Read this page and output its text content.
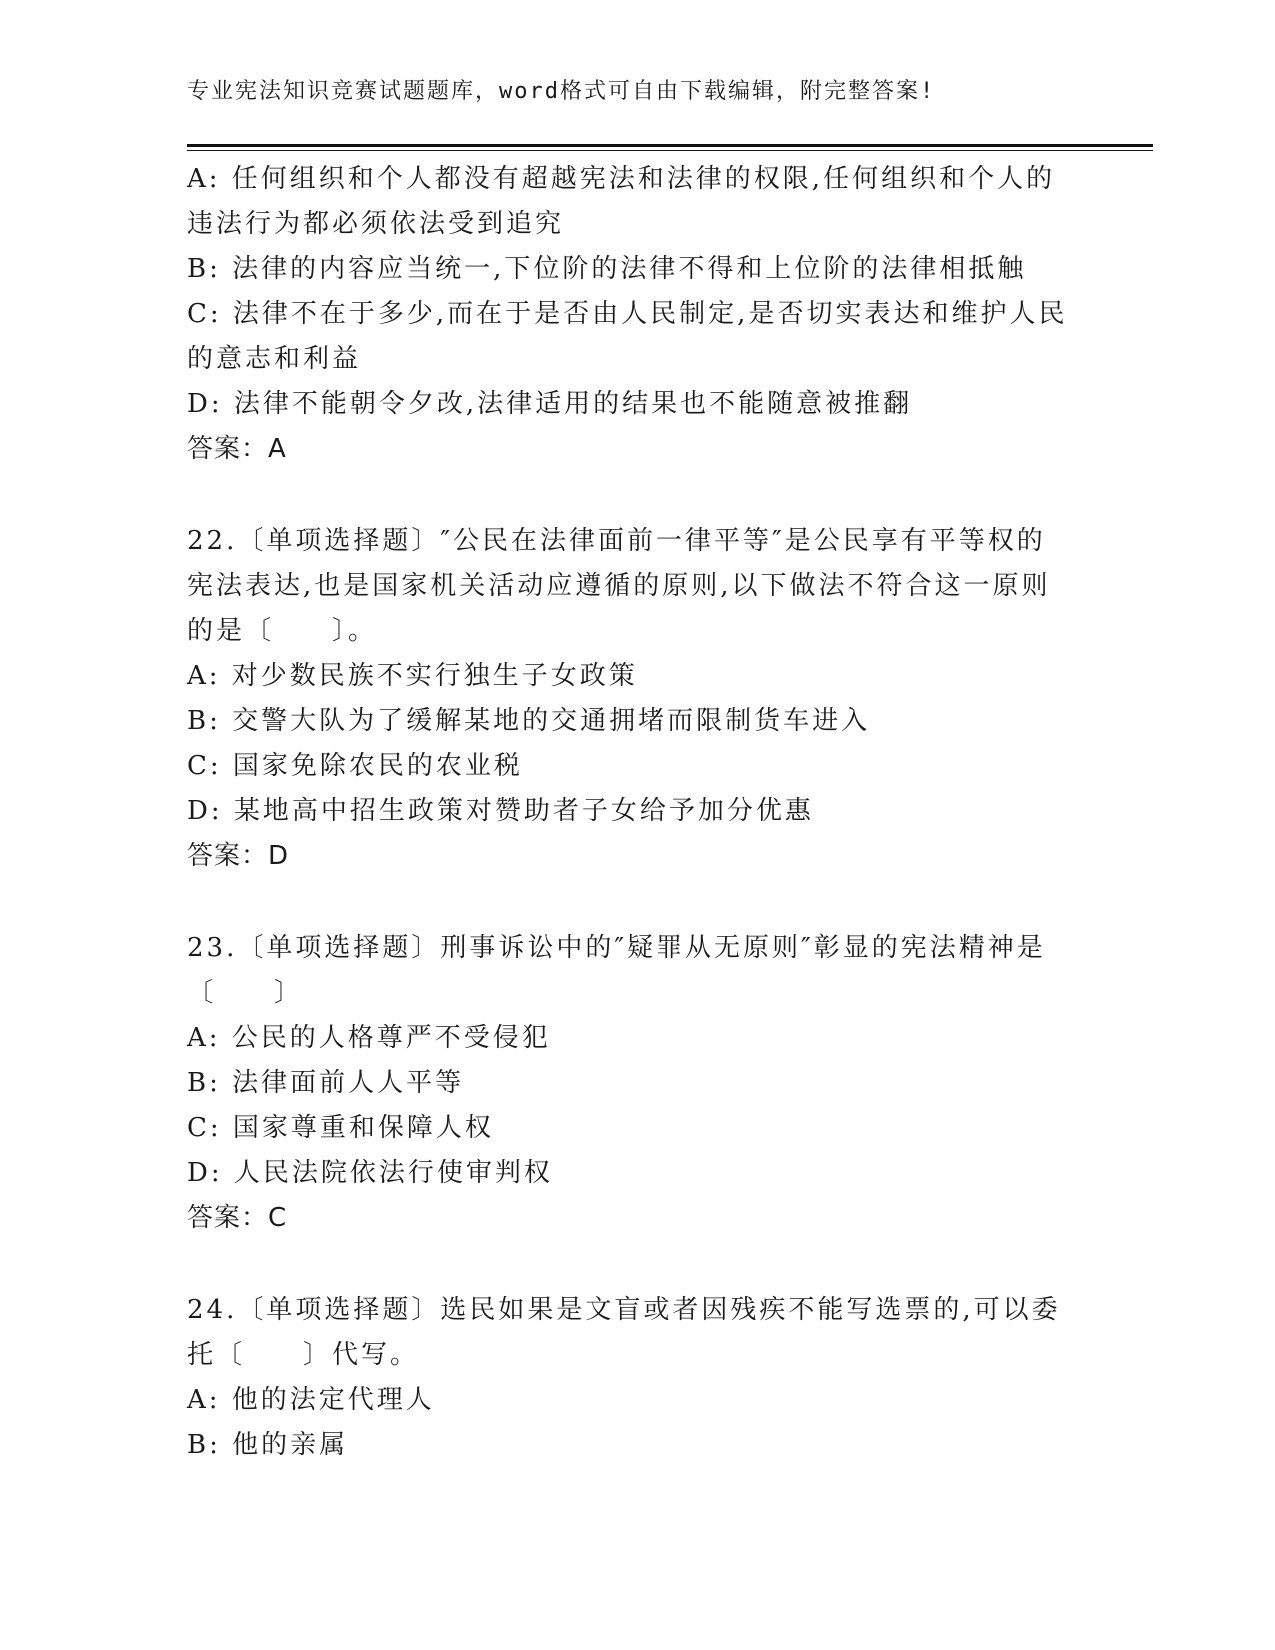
专业宪法知识竞赛试题题库，word格式可自由下载编辑，附完整答案!
A: 任何组织和个人都没有超越宪法和法律的权限,任何组织和个人的
违法行为都必须依法受到追究
B: 法律的内容应当统一,下位阶的法律不得和上位阶的法律相抵触
C: 法律不在于多少,而在于是否由人民制定,是否切实表达和维护人民
的意志和利益
D: 法律不能朝令夕改,法律适用的结果也不能随意被推翻
答案：A
22.〔单项选择题〕″公民在法律面前一律平等″是公民享有平等权的
宪法表达,也是国家机关活动应遵循的原则,以下做法不符合这一原则
的是〔　　〕。
A: 对少数民族不实行独生子女政策
B: 交警大队为了缓解某地的交通拥堵而限制货车进入
C: 国家免除农民的农业税
D: 某地高中招生政策对赞助者子女给予加分优惠
答案：D
23.〔单项选择题〕刑事诉讼中的″疑罪从无原则″彰显的宪法精神是
〔　　〕
A: 公民的人格尊严不受侵犯
B: 法律面前人人平等
C: 国家尊重和保障人权
D: 人民法院依法行使审判权
答案：C
24.〔单项选择题〕选民如果是文盲或者因残疾不能写选票的,可以委
托〔　　〕代写。
A: 他的法定代理人
B: 他的亲属
